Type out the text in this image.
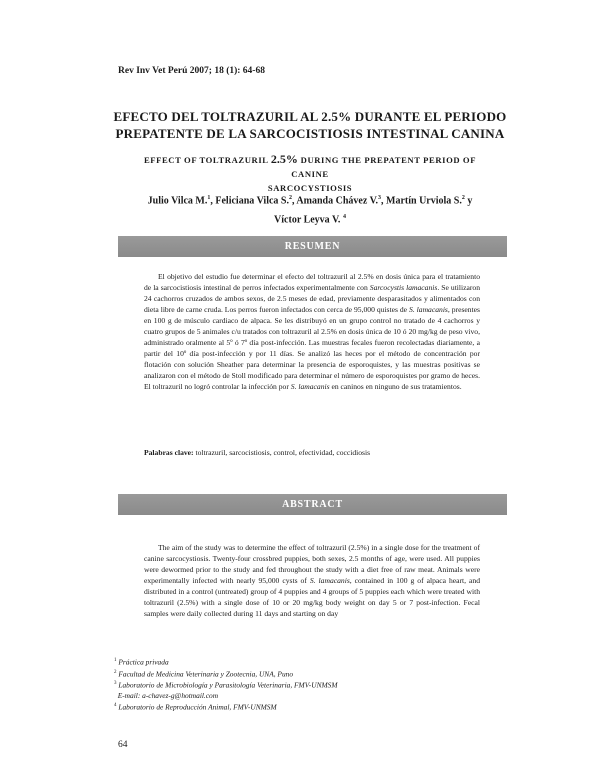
Rev Inv Vet Perú 2007; 18 (1): 64-68
EFECTO DEL TOLTRAZURIL AL 2.5% DURANTE EL PERIODO
PREPATENTE DE LA SARCOCISTIOSIS INTESTINAL CANINA
EFFECT OF TOLTRAZURIL 2.5% DURING THE PREPATENT PERIOD OF CANINE
SARCOCYSTIOSIS
Julio Vilca M.$^1$, Feliciana Vilca S.$^2$, Amanda Chávez V.$^3$, Martín Urviola S.$^2$ y
Víctor Leyva V. $^4$
RESUMEN

El objetivo del estudio fue determinar el efecto del toltrazuril al 2.5% en dosis única para el tratamiento de la sarcocistiosis intestinal de perros infectados experimentalmente con Sarcocystis lamacanis. Se utilizaron 24 cachorros cruzados de ambos sexos, de 2.5 meses de edad, previamente desparasitados y alimentados con dieta libre de carne cruda. Los perros fueron infectados con cerca de 95,000 quistes de S. lamacanis, presentes en 100 g de músculo cardiaco de alpaca. Se les distribuyó en un grupo control no tratado de 4 cachorros y cuatro grupos de 5 animales c/u tratados con toltrazuril al 2.5% en dosis única de 10 ó 20 mg/kg de peso vivo, administrado oralmente al 5º ó 7º día post-infección. Las muestras fecales fueron recolectadas diariamente, a partir del 10º día post-infección y por 11 días. Se analizó las heces por el método de concentración por flotación con solución Sheather para determinar la presencia de esporoquistes, y las muestras positivas se analizaron con el método de Stoll modificado para determinar el número de esporoquistes por gramo de heces. El toltrazuril no logró controlar la infección por S. lamacanis en caninos en ninguno de sus tratamientos.

Palabras clave: toltrazuril, sarcocistiosis, control, efectividad, coccidiosis
ABSTRACT

The aim of the study was to determine the effect of toltrazuril (2.5%) in a single dose for the treatment of canine sarcocystiosis. Twenty-four crossbred puppies, both sexes, 2.5 months of age, were used. All puppies were dewormed prior to the study and fed throughout the study with a diet free of raw meat. Animals were experimentally infected with nearly 95,000 cysts of S. lamacanis, contained in 100 g of alpaca heart, and distributed in a control (untreated) group of 4 puppies and 4 groups of 5 puppies each which were treated with toltrazuril (2.5%) with a single dose of 10 or 20 mg/kg body weight on day 5 or 7 post-infection. Fecal samples were daily collected during 11 days and starting on day

$^1$ Práctica privada
$^2$ Facultad de Medicina Veterinaria y Zootecnia, UNA, Puno
$^3$ Laboratorio de Microbiología y Parasitología Veterinaria, FMV-UNMSM
E-mail: a-chavez-g@hotmail.com
$^4$ Laboratorio de Reproducción Animal, FMV-UNMSM
64
